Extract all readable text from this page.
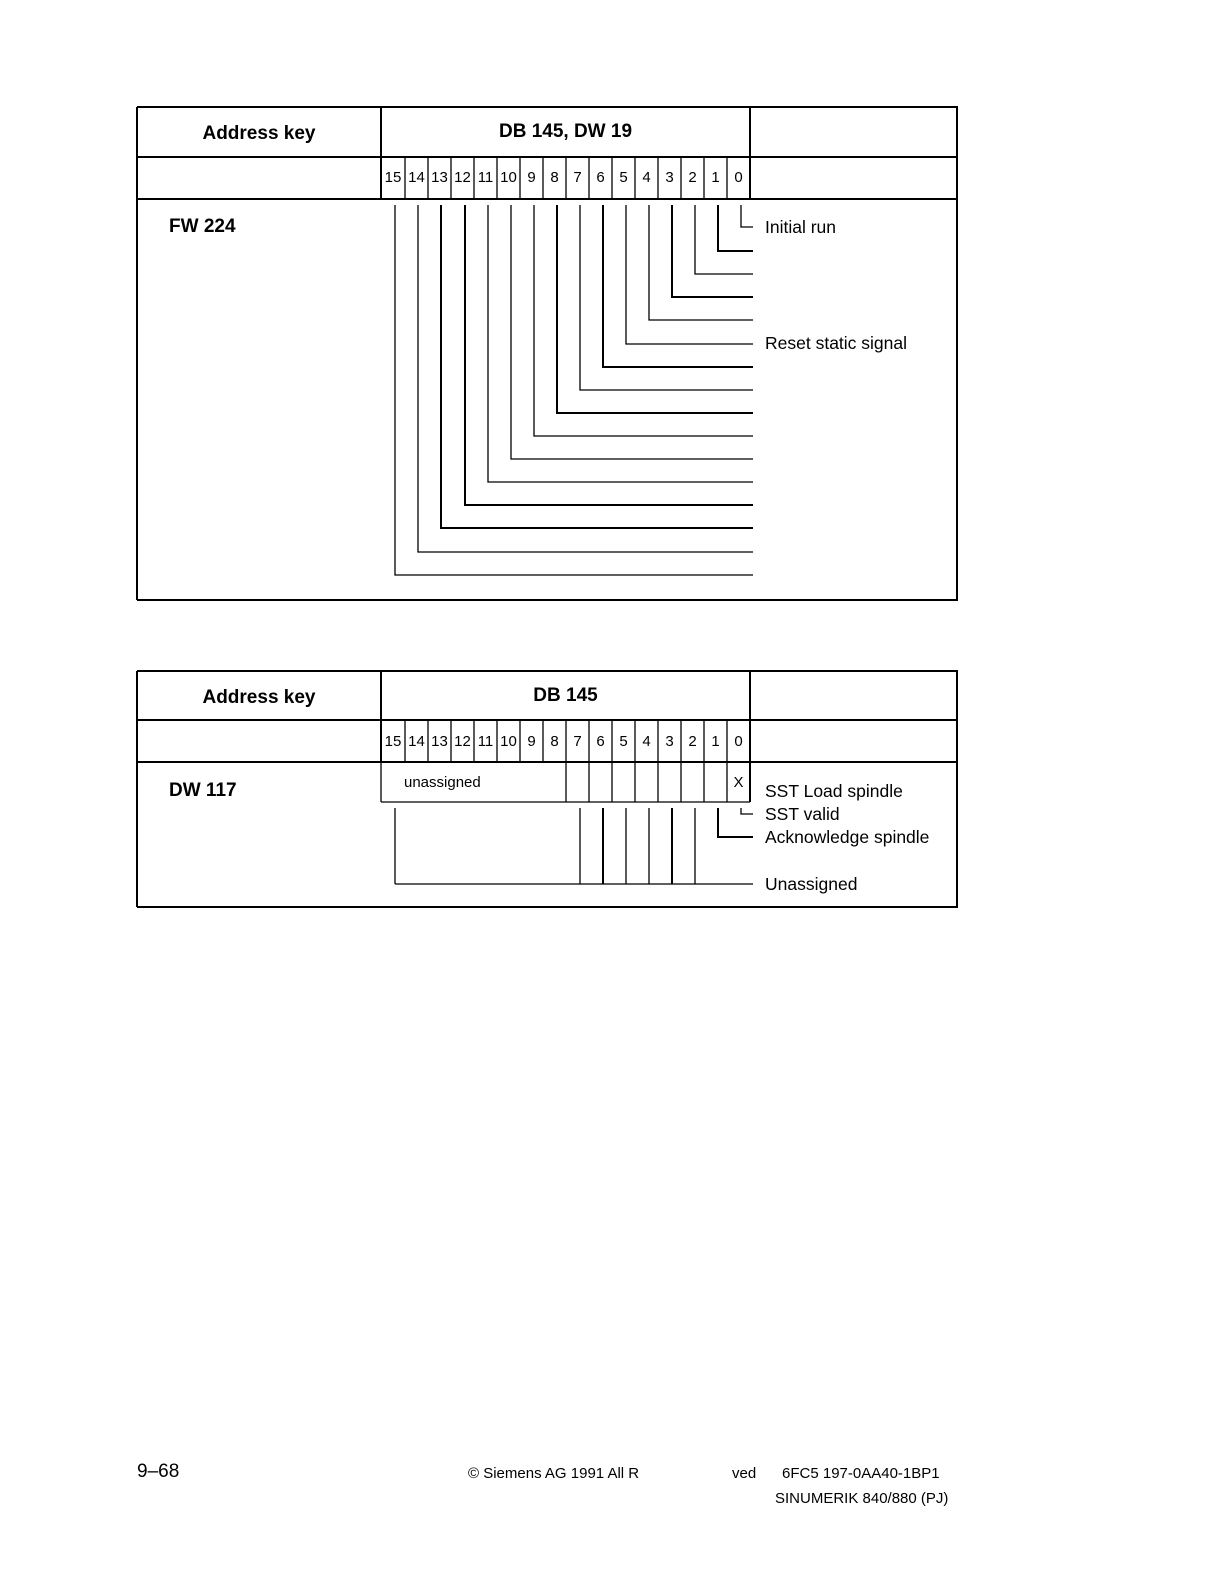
Address key	DB 145, DW 19
15 14 13 12 11 10 9 8 7 6 5 4 3 2 1 0
FW 224	Initial run
Reset static signal
Address key	DB 145
15 14 13 12 11 10 9 8 7 6 5 4 3 2 1 0
DW 117	unassigned	X	SST Load spindle
SST valid
Acknowledge spindle
Unassigned
9–68	© Siemens AG 1991 All R	ved 6FC5 197-0AA40-1BP1
SINUMERIK 840/880 (PJ)
